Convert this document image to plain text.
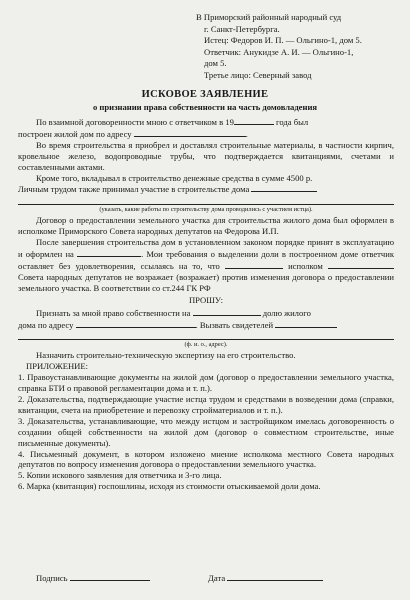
В Приморский районный народный суд
г. Санкт-Петербурга.
Истец: Федоров И. П. — Ольгино-1, дом 5.
Ответчик: Анукидзе А. И. — Ольгино-1,
дом 5.
Третье лицо: Северный завод
ИСКОВОЕ ЗАЯВЛЕНИЕ
о признании права собственности на часть домовладения

По взаимной договоренности мною с ответчиком в 19	года был
построен жилой дом по адресу	.

Во время строительства я приобрел и доставлял строительные материалы, в частности кирпич, кровельное железо, водопроводные трубы, что подтверждается квитанциями, счетами и составленными актами.

Кроме того, вкладывал в строительство денежные средства в сумме 4500 р.
Личным трудом также принимал участие в строительстве дома

(указать, какие работы по строительству дома проводились с участием истца).

Договор о предоставлении земельного участка для строительства жилого дома был оформлен в исполкоме Приморского Совета народных депутатов на Федорова И.П.

После завершения строительства дом в установленном законом порядке принят в эксплуатацию и оформлен на	. Мои требования о выделении доли в построенном доме ответчик оставляет без удовлетворения, ссылаясь на то, что	исполком  Совета народных депутатов не возражает (возражает) против изменения договора о предоставлении земельного участка. В соответствии со ст.244 ГК РФ

ПРОШУ:

Признать за мной право собственности на	долю жилого
дома по адресу	. Вызвать свидетелей

(ф. и. о., адрес).

Назначить строительно-техническую экспертизу на его строительство.

ПРИЛОЖЕНИЕ:

1. Правоустанавливающие документы на жилой дом (договор о предоставлении земельного участка, справка БТИ о правовой регламентации дома и т. п.).

2. Доказательства, подтверждающие участие истца трудом и средствами в возведении дома (справки, квитанции, счета на приобретение и перевозку стройматериалов и т. п.).

3. Доказательства, устанавливающие, что между истцом и застройщиком имелась договоренность о создании общей собственности на жилой дом (договор о совместном строительстве, иные письменные документы).

4. Письменный документ, в котором изложено мнение исполкома местного Совета народных депутатов по вопросу изменения договора о предоставлении земельного участка.

5. Копии искового заявления для ответчика и 3-го лица.

6. Марка (квитанция) госпошлины, исходя из стоимости отыскиваемой доли дома.

Подпись	Дата
